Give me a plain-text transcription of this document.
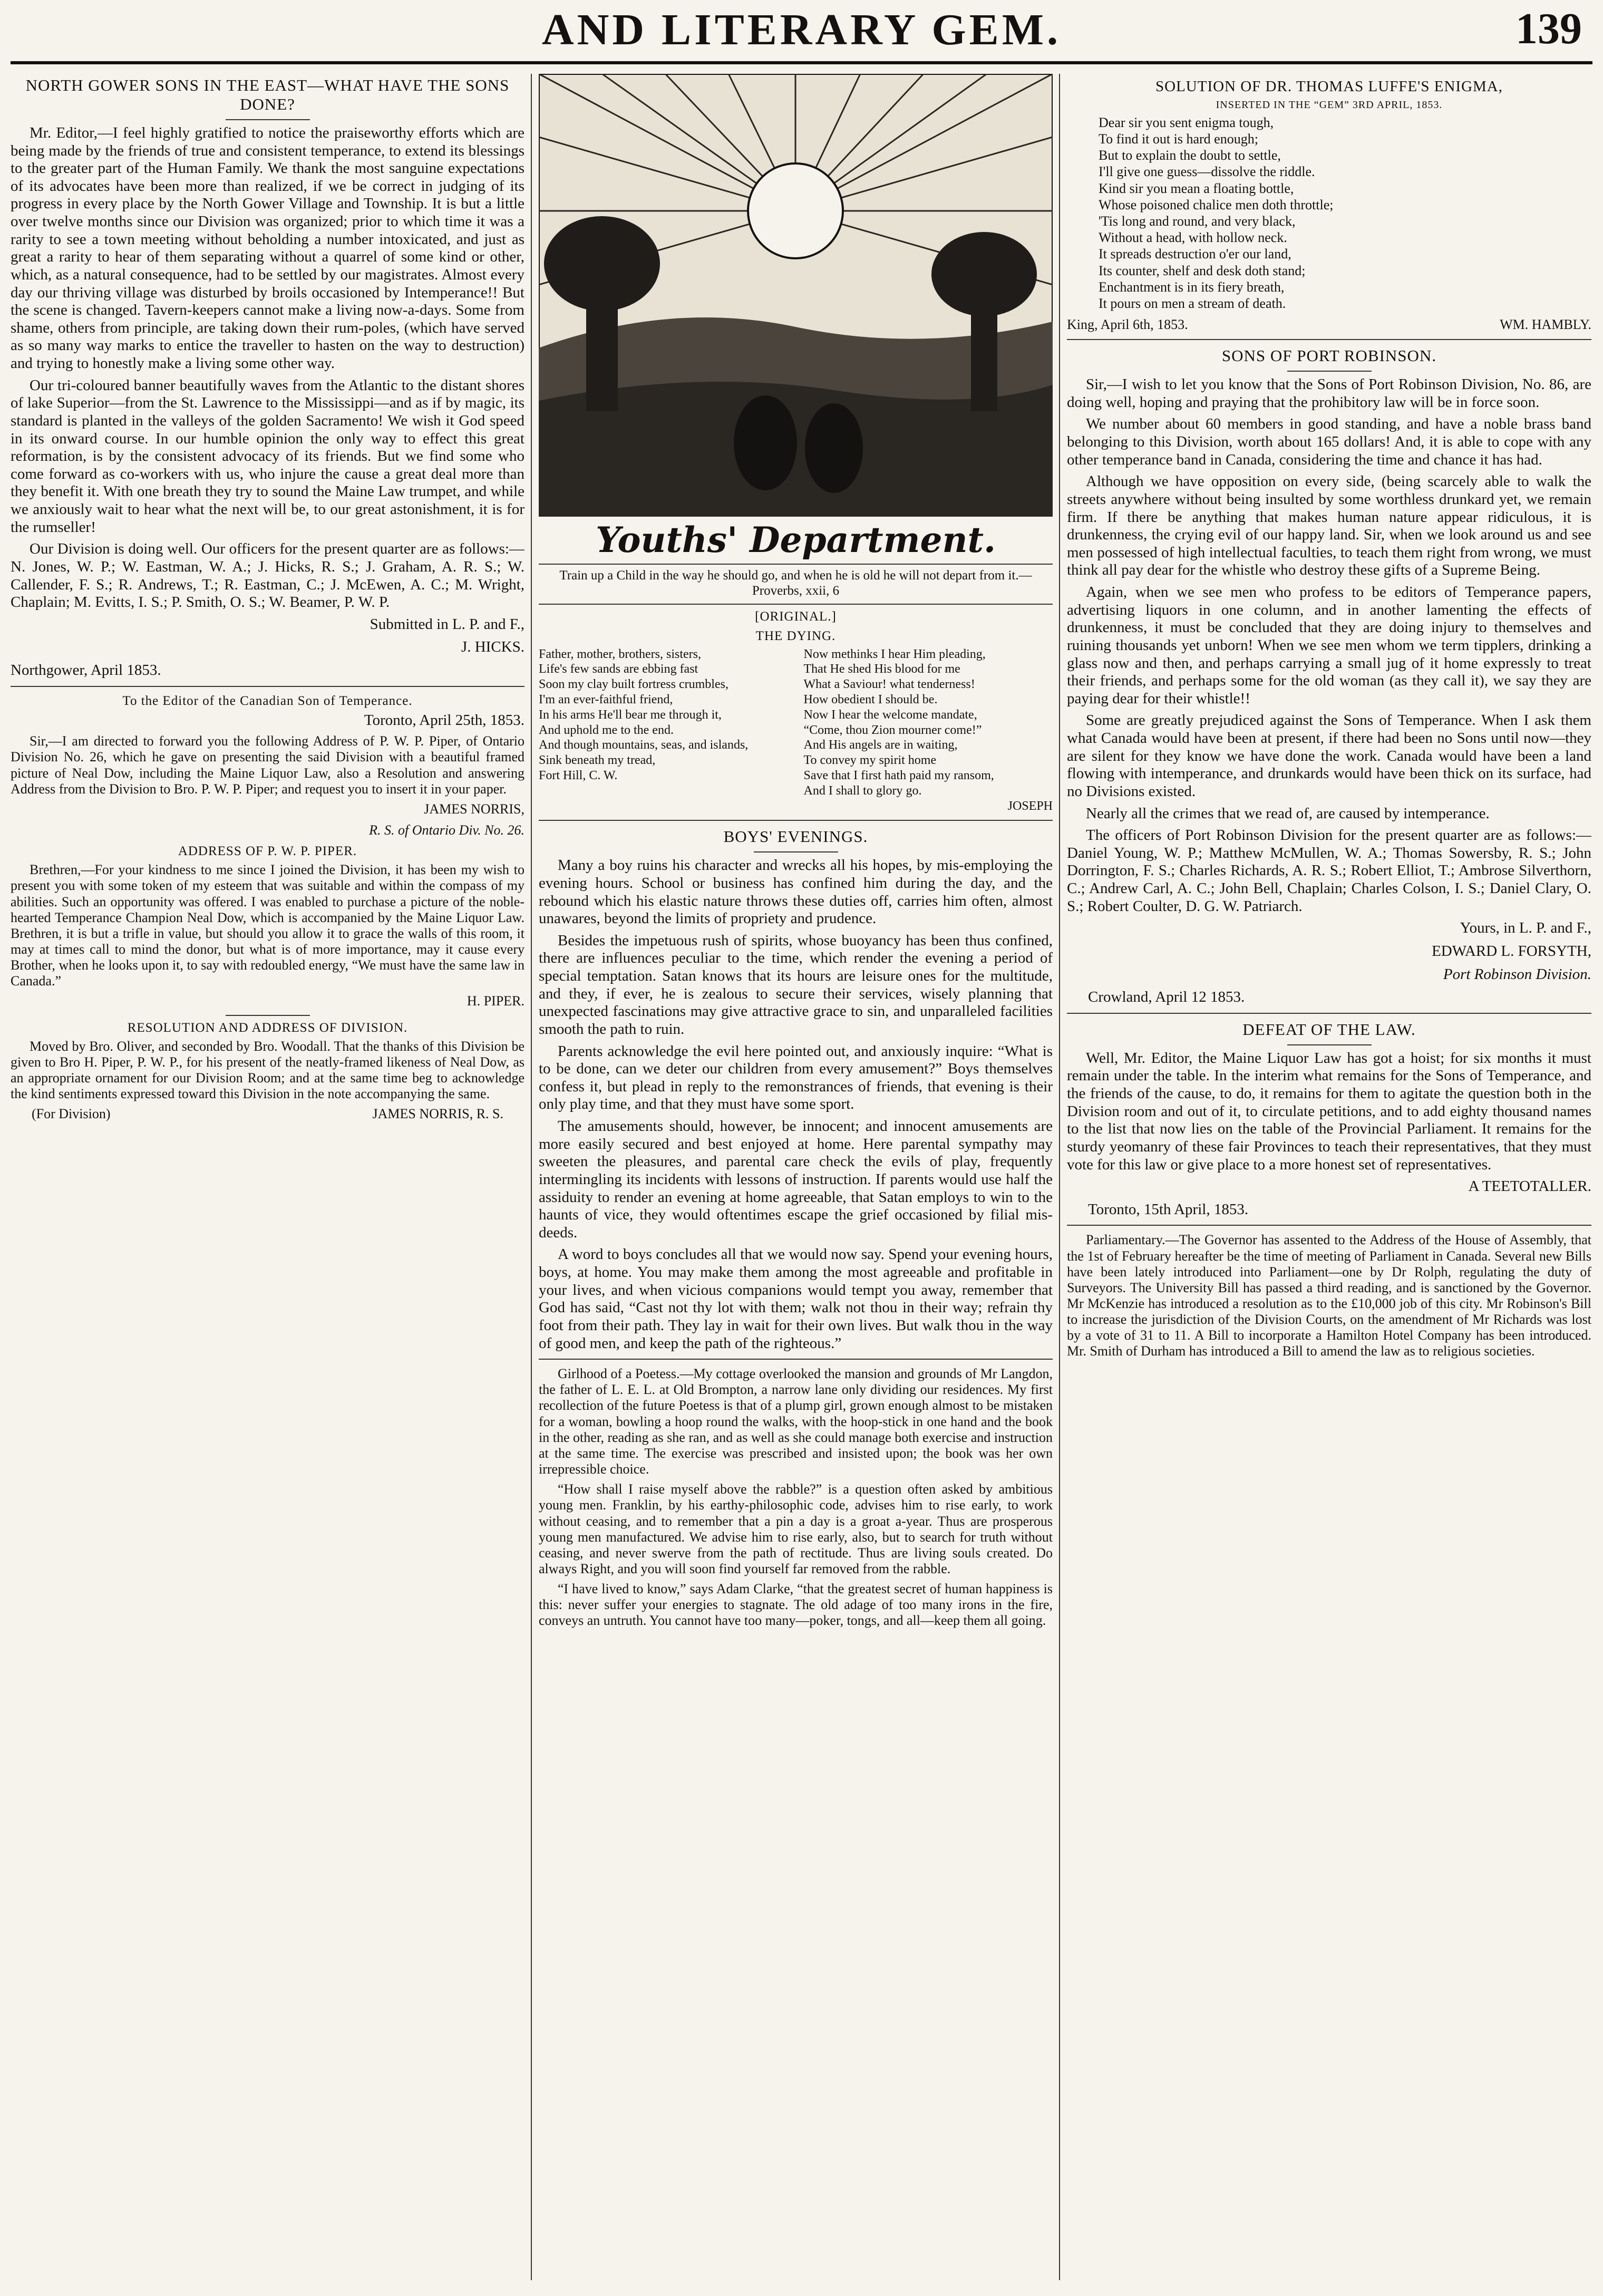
AND LITERARY GEM.	139
NORTH GOWER SONS IN THE EAST—WHAT HAVE THE SONS DONE?

Mr. Editor,—I feel highly gratified to notice the praiseworthy efforts which are being made by the friends of true and consistent temperance, to extend its blessings to the greater part of the Human Family. We thank the most sanguine expectations of its advocates have been more than realized, if we be correct in judging of its progress in every place by the North Gower Village and Township. It is but a little over twelve months since our Division was organized; prior to which time it was a rarity to see a town meeting without beholding a number intoxicated, and just as great a rarity to hear of them separating without a quarrel of some kind or other, which, as a natural consequence, had to be settled by our magistrates. Almost every day our thriving village was disturbed by broils occasioned by Intemperance!! But the scene is changed. Tavern-keepers cannot make a living now-a-days. Some from shame, others from principle, are taking down their rum-poles, (which have served as so many way marks to entice the traveller to hasten on the way to destruction) and trying to honestly make a living some other way.

Our tri-coloured banner beautifully waves from the Atlantic to the distant shores of lake Superior—from the St. Lawrence to the Mississippi—and as if by magic, its standard is planted in the valleys of the golden Sacramento! We wish it God speed in its onward course. In our humble opinion the only way to effect this great reformation, is by the consistent advocacy of its friends. But we find some who come forward as co-workers with us, who injure the cause a great deal more than they benefit it. With one breath they try to sound the Maine Law trumpet, and while we anxiously wait to hear what the next will be, to our great astonishment, it is for the rumseller!

Our Division is doing well. Our officers for the present quarter are as follows:—N. Jones, W. P.; W. Eastman, W. A.; J. Hicks, R. S.; J. Graham, A. R. S.; W. Callender, F. S.; R. Andrews, T.; R. Eastman, C.; J. McEwen, A. C.; M. Wright, Chaplain; M. Evitts, I. S.; P. Smith, O. S.; W. Beamer, P. W. P.

Submitted in L. P. and F.,
J. HICKS.
Northgower, April 1853.
To the Editor of the Canadian Son of Temperance.
Toronto, April 25th, 1853.

Sir,—I am directed to forward you the following Address of P. W. P. Piper, of Ontario Division No. 26, which he gave on presenting the said Division with a beautiful framed picture of Neal Dow, including the Maine Liquor Law, also a Resolution and answering Address from the Division to Bro. P. W. P. Piper; and request you to insert it in your paper.

JAMES NORRIS,
R. S. of Ontario Div. No. 26.
ADDRESS OF P. W. P. PIPER.

Brethren,—For your kindness to me since I joined the Division, it has been my wish to present you with some token of my esteem that was suitable and within the compass of my abilities. Such an opportunity was offered. I was enabled to purchase a picture of the noble-hearted Temperance Champion Neal Dow, which is accompanied by the Maine Liquor Law. Brethren, it is but a trifle in value, but should you allow it to grace the walls of this room, it may at times call to mind the donor, but what is of more importance, may it cause every Brother, when he looks upon it, to say with redoubled energy, “We must have the same law in Canada.”

H. PIPER.
RESOLUTION AND ADDRESS OF DIVISION.

Moved by Bro. Oliver, and seconded by Bro. Woodall. That the thanks of this Division be given to Bro H. Piper, P. W. P., for his present of the neatly-framed likeness of Neal Dow, as an appropriate ornament for our Division Room; and at the same time beg to acknowledge the kind sentiments expressed toward this Division in the note accompanying the same.

(For Division)	JAMES NORRIS, R. S.
Youths' Department.

Train up a Child in the way he should go, and when he is old he will not depart from it.—Proverbs, xxii, 6

[ORIGINAL.]
THE DYING.
Father, mother, brothers, sisters,
Life's few sands are ebbing fast
Soon my clay built fortress crumbles,
I'm an ever-faithful friend,
In his arms He'll bear me through it,
And uphold me to the end.
And though mountains, seas, and islands,
Sink beneath my tread,
Fort Hill, C. W.
Now methinks I hear Him pleading,
That He shed His blood for me
What a Saviour! what tenderness!
How obedient I should be.
Now I hear the welcome mandate,
“Come, thou Zion mourner come!”
And His angels are in waiting,
To convey my spirit home
Save that I first hath paid my ransom,
And I shall to glory go.
JOSEPH
BOYS' EVENINGS.

Many a boy ruins his character and wrecks all his hopes, by mis-employing the evening hours. School or business has confined him during the day, and the rebound which his elastic nature throws these duties off, carries him often, almost unawares, beyond the limits of propriety and prudence.

Besides the impetuous rush of spirits, whose buoyancy has been thus confined, there are influences peculiar to the time, which render the evening a period of special temptation. Satan knows that its hours are leisure ones for the multitude, and they, if ever, he is zealous to secure their services, wisely planning that unexpected fascinations may give attractive grace to sin, and unparalleled facilities smooth the path to ruin.

Parents acknowledge the evil here pointed out, and anxiously inquire: “What is to be done, can we deter our children from every amusement?” Boys themselves confess it, but plead in reply to the remonstrances of friends, that evening is their only play time, and that they must have some sport.

The amusements should, however, be innocent; and innocent amusements are more easily secured and best enjoyed at home. Here parental sympathy may sweeten the pleasures, and parental care check the evils of play, frequently intermingling its incidents with lessons of instruction. If parents would use half the assiduity to render an evening at home agreeable, that Satan employs to win to the haunts of vice, they would oftentimes escape the grief occasioned by filial mis-deeds.

A word to boys concludes all that we would now say. Spend your evening hours, boys, at home. You may make them among the most agreeable and profitable in your lives, and when vicious companions would tempt you away, remember that God has said, “Cast not thy lot with them; walk not thou in their way; refrain thy foot from their path. They lay in wait for their own lives. But walk thou in the way of good men, and keep the path of the righteous.”

Girlhood of a Poetess.—My cottage overlooked the mansion and grounds of Mr Langdon, the father of L. E. L. at Old Brompton, a narrow lane only dividing our residences. My first recollection of the future Poetess is that of a plump girl, grown enough almost to be mistaken for a woman, bowling a hoop round the walks, with the hoop-stick in one hand and the book in the other, reading as she ran, and as well as she could manage both exercise and instruction at the same time. The exercise was prescribed and insisted upon; the book was her own irrepressible choice.

“How shall I raise myself above the rabble?” is a question often asked by ambitious young men. Franklin, by his earthy-philosophic code, advises him to rise early, to work without ceasing, and to remember that a pin a day is a groat a-year. Thus are prosperous young men manufactured. We advise him to rise early, also, but to search for truth without ceasing, and never swerve from the path of rectitude. Thus are living souls created. Do always Right, and you will soon find yourself far removed from the rabble.

“I have lived to know,” says Adam Clarke, “that the greatest secret of human happiness is this: never suffer your energies to stagnate. The old adage of too many irons in the fire, conveys an untruth. You cannot have too many—poker, tongs, and all—keep them all going.

SOLUTION OF DR. THOMAS LUFFE'S ENIGMA,
INSERTED IN THE “GEM” 3RD APRIL, 1853.
Dear sir you sent enigma tough,
To find it out is hard enough;
But to explain the doubt to settle,
I'll give one guess—dissolve the riddle.
Kind sir you mean a floating bottle,
Whose poisoned chalice men doth throttle;
'Tis long and round, and very black,
Without a head, with hollow neck.
It spreads destruction o'er our land,
Its counter, shelf and desk doth stand;
Enchantment is in its fiery breath,
It pours on men a stream of death.
King, April 6th, 1853.	WM. HAMBLY.
SONS OF PORT ROBINSON.

Sir,—I wish to let you know that the Sons of Port Robinson Division, No. 86, are doing well, hoping and praying that the prohibitory law will be in force soon.

We number about 60 members in good standing, and have a noble brass band belonging to this Division, worth about 165 dollars! And, it is able to cope with any other temperance band in Canada, considering the time and chance it has had.

Although we have opposition on every side, (being scarcely able to walk the streets anywhere without being insulted by some worthless drunkard yet, we remain firm. If there be anything that makes human nature appear ridiculous, it is drunkenness, the crying evil of our happy land. Sir, when we look around us and see men possessed of high intellectual faculties, to teach them right from wrong, we must think all pay dear for the whistle who destroy these gifts of a Supreme Being.

Again, when we see men who profess to be editors of Temperance papers, advertising liquors in one column, and in another lamenting the effects of drunkenness, it must be concluded that they are doing injury to themselves and ruining thousands yet unborn! When we see men whom we term tipplers, drinking a glass now and then, and perhaps carrying a small jug of it home expressly to treat their friends, and perhaps some for the old woman (as they call it), we say they are paying dear for their whistle!!

Some are greatly prejudiced against the Sons of Temperance. When I ask them what Canada would have been at present, if there had been no Sons until now—they are silent for they know we have done the work. Canada would have been a land flowing with intemperance, and drunkards would have been thick on its surface, had no Divisions existed.

Nearly all the crimes that we read of, are caused by intemperance.

The officers of Port Robinson Division for the present quarter are as follows:—Daniel Young, W. P.; Matthew McMullen, W. A.; Thomas Sowersby, R. S.; John Dorrington, F. S.; Charles Richards, A. R. S.; Robert Elliot, T.; Ambrose Silverthorn, C.; Andrew Carl, A. C.; John Bell, Chaplain; Charles Colson, I. S.; Daniel Clary, O. S.; Robert Coulter, D. G. W. Patriarch.

Yours, in L. P. and F.,
EDWARD L. FORSYTH,
Port Robinson Division.
Crowland, April 12 1853.
DEFEAT OF THE LAW.

Well, Mr. Editor, the Maine Liquor Law has got a hoist; for six months it must remain under the table. In the interim what remains for the Sons of Temperance, and the friends of the cause, to do, it remains for them to agitate the question both in the Division room and out of it, to circulate petitions, and to add eighty thousand names to the list that now lies on the table of the Provincial Parliament. It remains for the sturdy yeomanry of these fair Provinces to teach their representatives, that they must vote for this law or give place to a more honest set of representatives.

A TEETOTALLER.
Toronto, 15th April, 1853.

Parliamentary.—The Governor has assented to the Address of the House of Assembly, that the 1st of February hereafter be the time of meeting of Parliament in Canada. Several new Bills have been lately introduced into Parliament—one by Dr Rolph, regulating the duty of Surveyors. The University Bill has passed a third reading, and is sanctioned by the Governor. Mr McKenzie has introduced a resolution as to the £10,000 job of this city. Mr Robinson's Bill to increase the jurisdiction of the Division Courts, on the amendment of Mr Richards was lost by a vote of 31 to 11. A Bill to incorporate a Hamilton Hotel Company has been introduced. Mr. Smith of Durham has introduced a Bill to amend the law as to religious societies.
